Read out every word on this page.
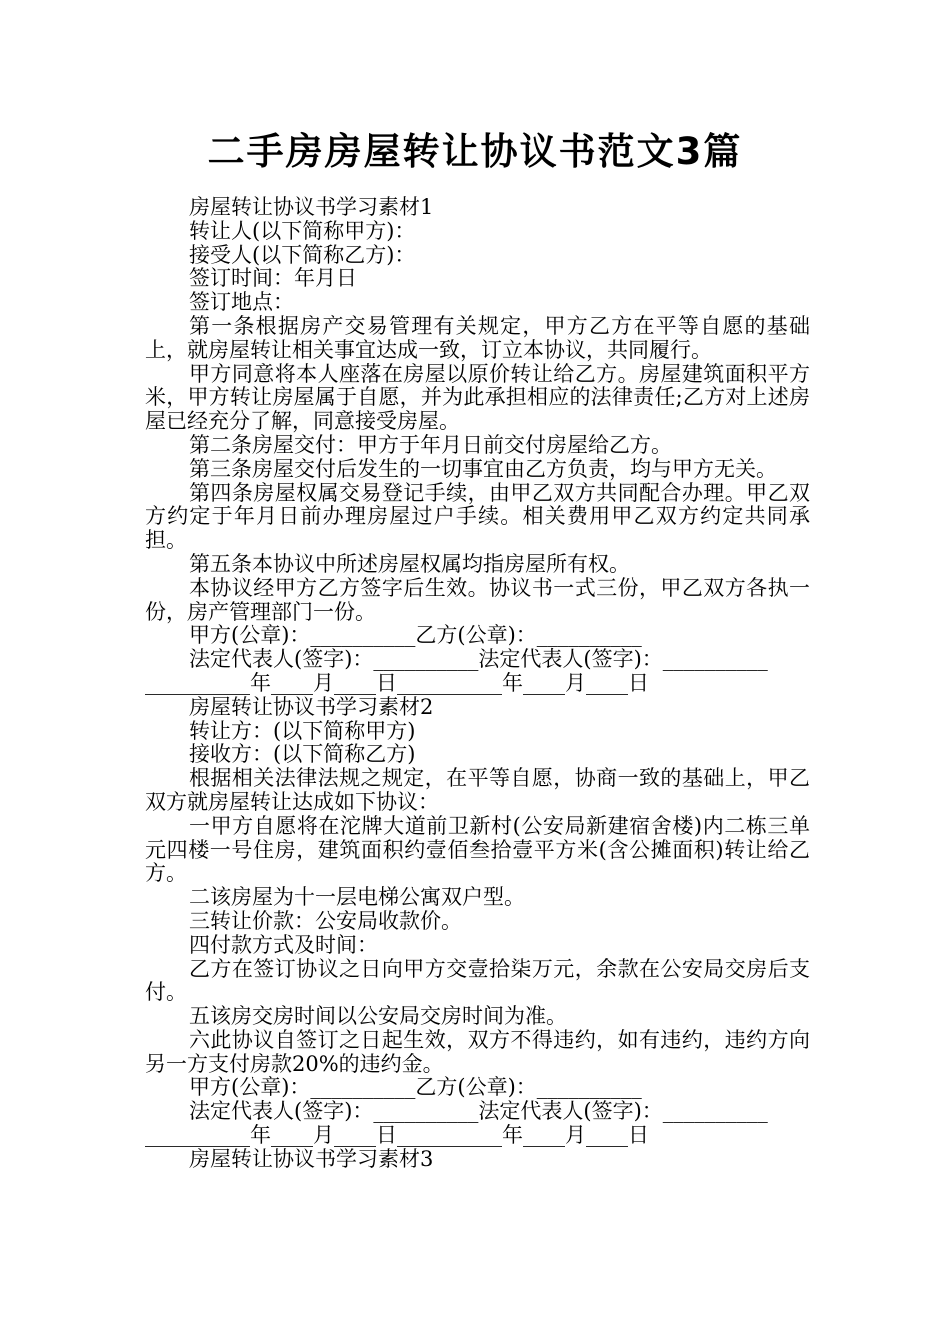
二手房房屋转让协议书范文3篇

房屋转让协议书学习素材1

转让人(以下简称甲方)：

接受人(以下简称乙方)：

签订时间：年月日

签订地点：

第一条根据房产交易管理有关规定，甲方乙方在平等自愿的基础上，就房屋转让相关事宜达成一致，订立本协议，共同履行。

甲方同意将本人座落在房屋以原价转让给乙方。房屋建筑面积平方米，甲方转让房屋属于自愿，并为此承担相应的法律责任;乙方对上述房屋已经充分了解，同意接受房屋。

第二条房屋交付：甲方于年月日前交付房屋给乙方。

第三条房屋交付后发生的一切事宜由乙方负责，均与甲方无关。

第四条房屋权属交易登记手续，由甲乙双方共同配合办理。甲乙双方约定于年月日前办理房屋过户手续。相关费用甲乙双方约定共同承担。

第五条本协议中所述房屋权属均指房屋所有权。

本协议经甲方乙方签字后生效。协议书一式三份，甲乙双方各执一份，房产管理部门一份。

甲方(公章)：__________乙方(公章)：__________

法定代表人(签字)：__________法定代表人(签字)：__________

__________年____月____日__________年____月____日

房屋转让协议书学习素材2

转让方：(以下简称甲方)

接收方：(以下简称乙方)

根据相关法律法规之规定，在平等自愿，协商一致的基础上，甲乙双方就房屋转让达成如下协议：

一甲方自愿将在沱牌大道前卫新村(公安局新建宿舍楼)内二栋三单元四楼一号住房，建筑面积约壹佰叁拾壹平方米(含公摊面积)转让给乙方。

二该房屋为十一层电梯公寓双户型。

三转让价款：公安局收款价。

四付款方式及时间：

乙方在签订协议之日向甲方交壹拾柒万元，余款在公安局交房后支付。

五该房交房时间以公安局交房时间为准。

六此协议自签订之日起生效，双方不得违约，如有违约，违约方向另一方支付房款20%的违约金。

甲方(公章)：__________乙方(公章)：__________

法定代表人(签字)：__________法定代表人(签字)：__________

__________年____月____日__________年____月____日

房屋转让协议书学习素材3
